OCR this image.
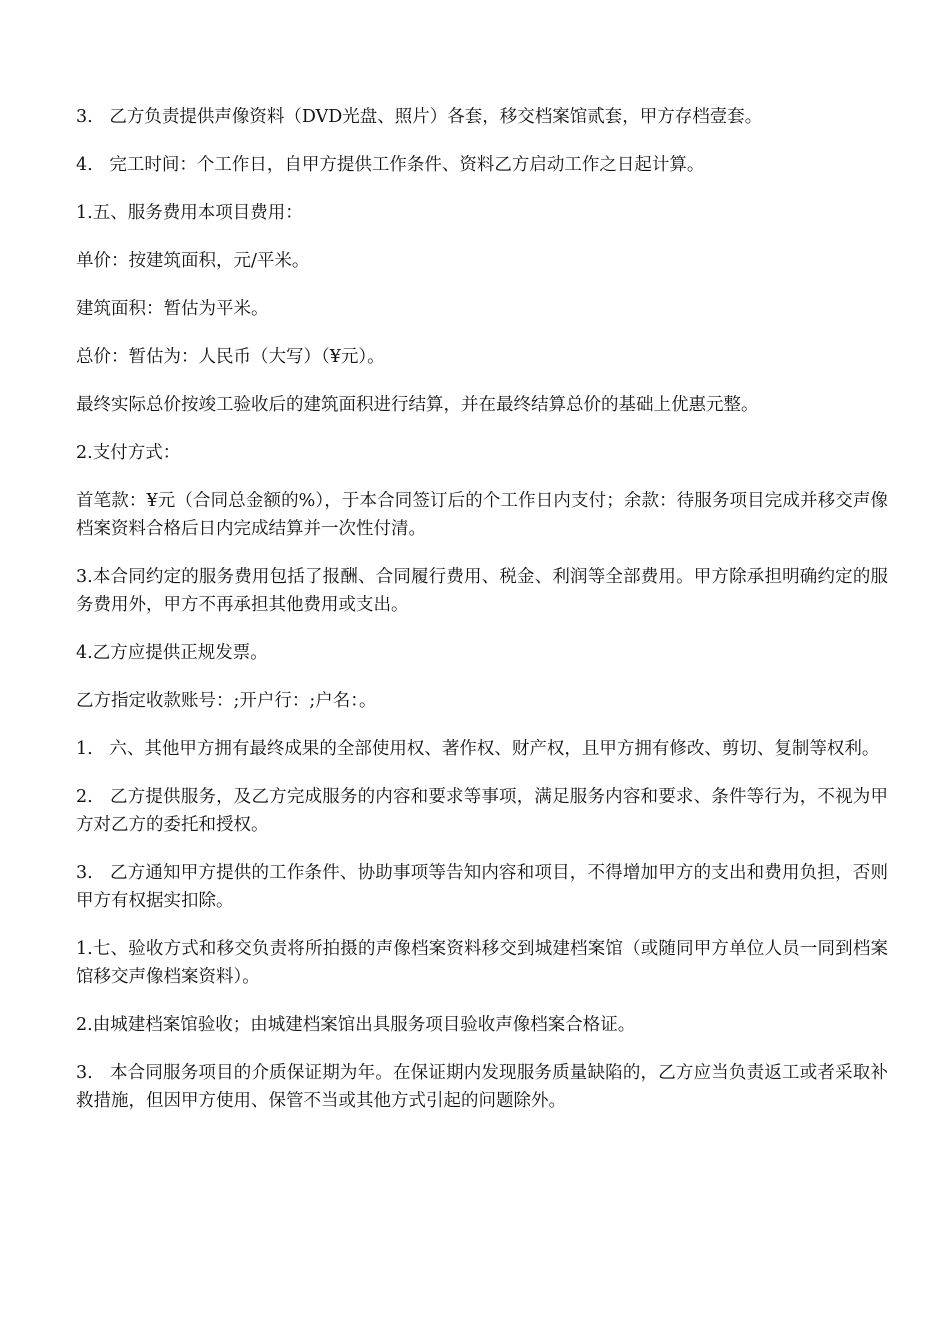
3.   乙方负责提供声像资料（DVD光盘、照片）各套，移交档案馆贰套，甲方存档壹套。

4.   完工时间：个工作日，自甲方提供工作条件、资料乙方启动工作之日起计算。

1.五、服务费用本项目费用：

单价：按建筑面积，元/平米。

建筑面积：暂估为平米。

总价：暂估为：人民币（大写）（¥元）。

最终实际总价按竣工验收后的建筑面积进行结算，并在最终结算总价的基础上优惠元整。

2.支付方式：

首笔款：¥元（合同总金额的%），于本合同签订后的个工作日内支付；余款：待服务项目完成并移交声像档案资料合格后日内完成结算并一次性付清。

3.本合同约定的服务费用包括了报酬、合同履行费用、税金、利润等全部费用。甲方除承担明确约定的服务费用外，甲方不再承担其他费用或支出。

4.乙方应提供正规发票。

乙方指定收款账号：;开户行：;户名：。

1.   六、其他甲方拥有最终成果的全部使用权、著作权、财产权，且甲方拥有修改、剪切、复制等权利。

2.   乙方提供服务，及乙方完成服务的内容和要求等事项，满足服务内容和要求、条件等行为，不视为甲方对乙方的委托和授权。

3.   乙方通知甲方提供的工作条件、协助事项等告知内容和项目，不得增加甲方的支出和费用负担，否则甲方有权据实扣除。

1.七、验收方式和移交负责将所拍摄的声像档案资料移交到城建档案馆（或随同甲方单位人员一同到档案馆移交声像档案资料）。

2.由城建档案馆验收；由城建档案馆出具服务项目验收声像档案合格证。

3.   本合同服务项目的介质保证期为年。在保证期内发现服务质量缺陷的，乙方应当负责返工或者采取补救措施，但因甲方使用、保管不当或其他方式引起的问题除外。
